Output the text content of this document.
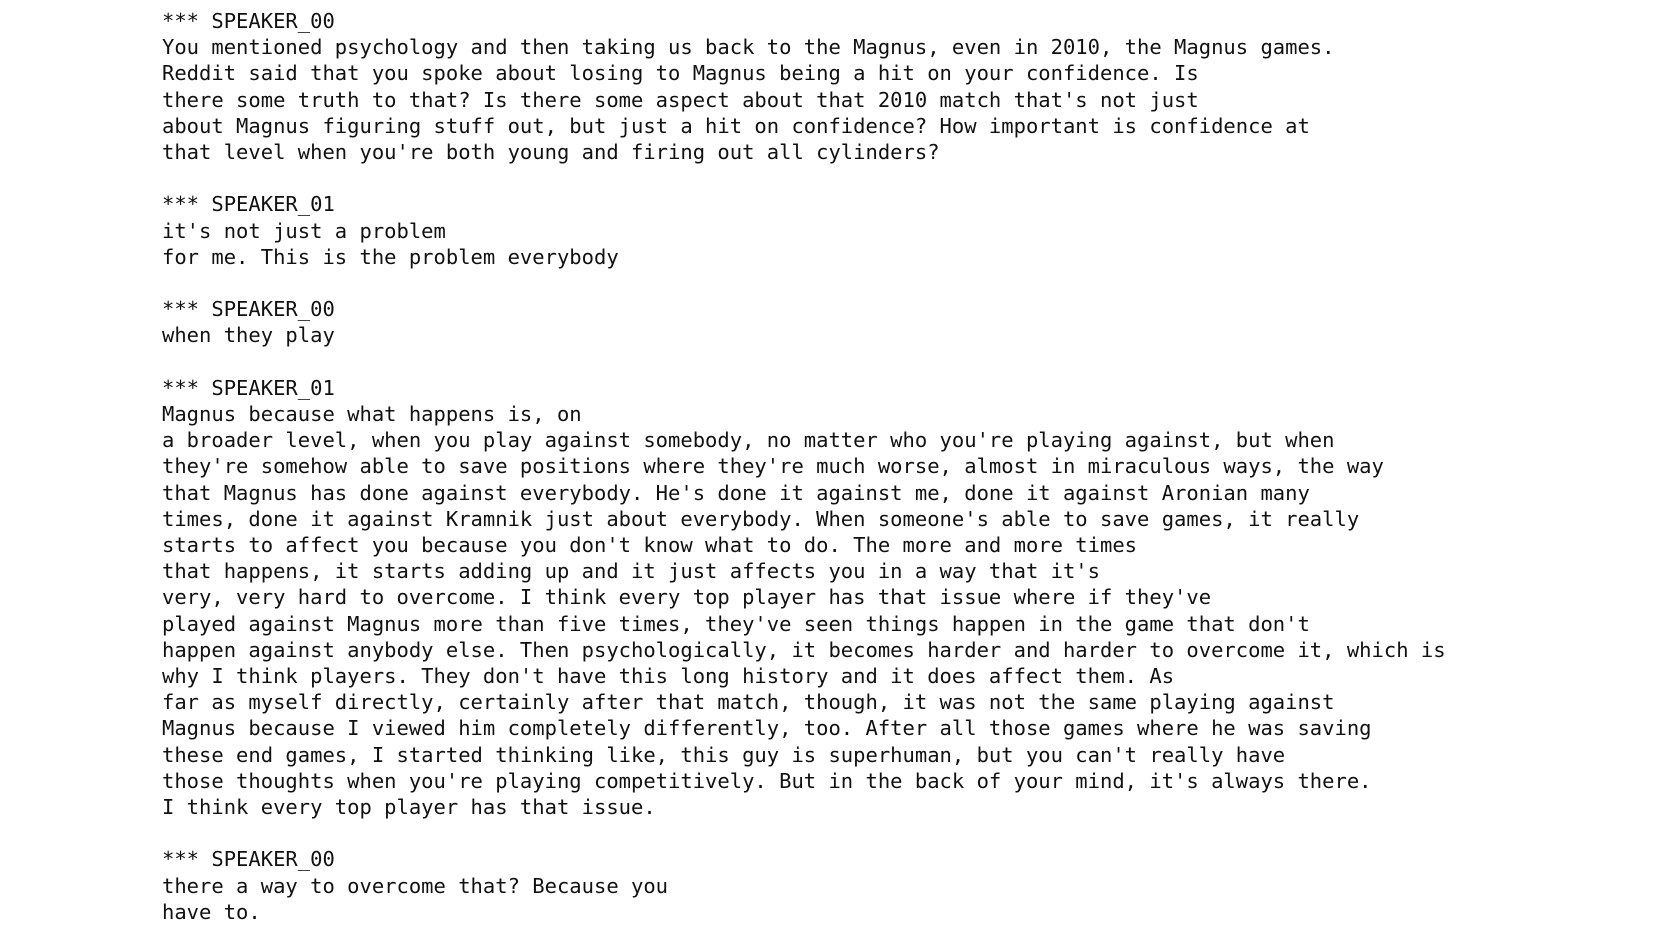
*** SPEAKER_00
You mentioned psychology and then taking us back to the Magnus, even in 2010, the Magnus games.
Reddit said that you spoke about losing to Magnus being a hit on your confidence. Is
there some truth to that? Is there some aspect about that 2010 match that's not just
about Magnus figuring stuff out, but just a hit on confidence? How important is confidence at
that level when you're both young and firing out all cylinders?
*** SPEAKER_01
it's not just a problem
for me. This is the problem everybody
*** SPEAKER_00
when they play
*** SPEAKER_01
Magnus because what happens is, on
a broader level, when you play against somebody, no matter who you're playing against, but when
they're somehow able to save positions where they're much worse, almost in miraculous ways, the way
that Magnus has done against everybody. He's done it against me, done it against Aronian many
times, done it against Kramnik just about everybody. When someone's able to save games, it really
starts to affect you because you don't know what to do. The more and more times
that happens, it starts adding up and it just affects you in a way that it's
very, very hard to overcome. I think every top player has that issue where if they've
played against Magnus more than five times, they've seen things happen in the game that don't
happen against anybody else. Then psychologically, it becomes harder and harder to overcome it, which is
why I think players. They don't have this long history and it does affect them. As
far as myself directly, certainly after that match, though, it was not the same playing against
Magnus because I viewed him completely differently, too. After all those games where he was saving
these end games, I started thinking like, this guy is superhuman, but you can't really have
those thoughts when you're playing competitively. But in the back of your mind, it's always there.
I think every top player has that issue.
*** SPEAKER_00
there a way to overcome that? Because you
have to.
